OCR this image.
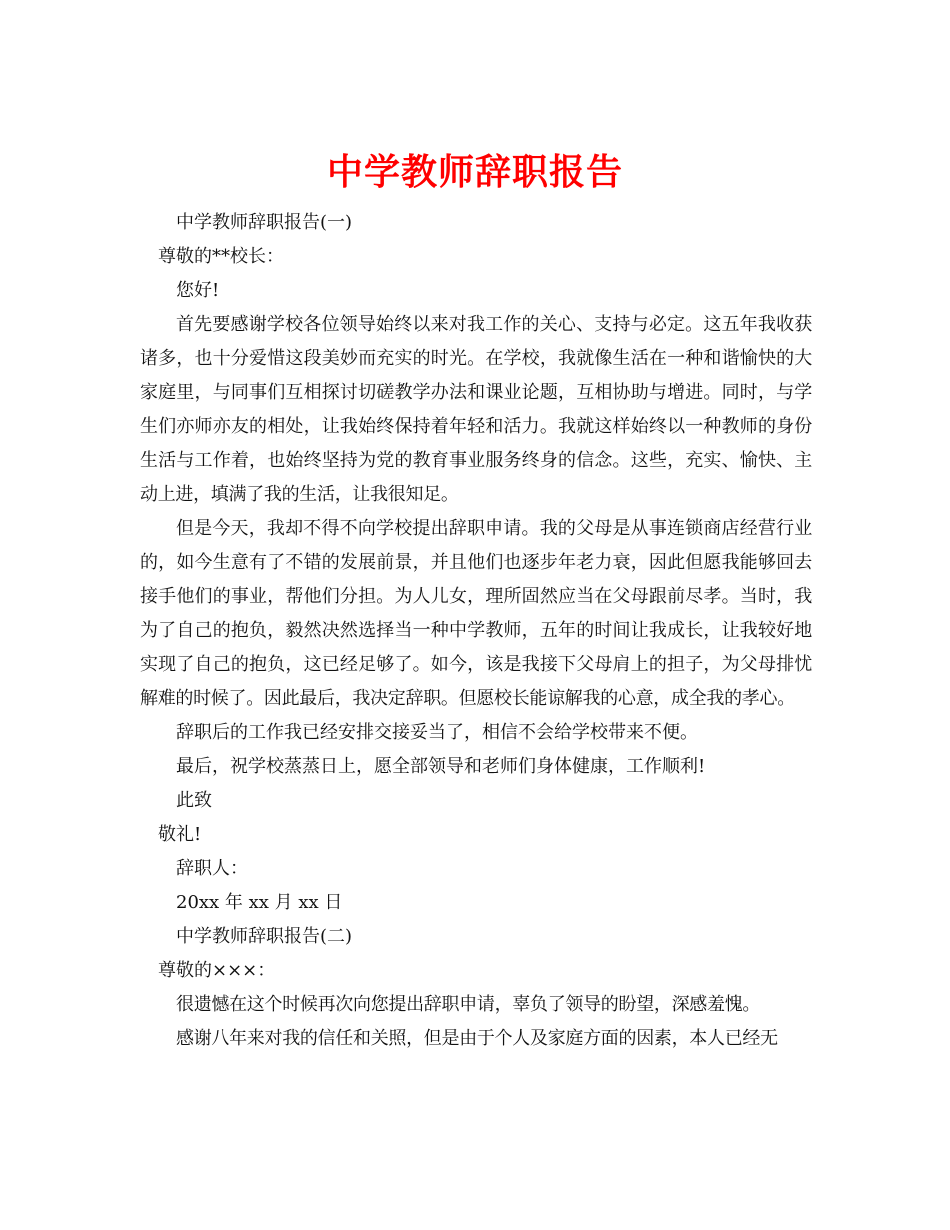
中学教师辞职报告

中学教师辞职报告(一)

尊敬的**校长：

您好!

首先要感谢学校各位领导始终以来对我工作的关心、支持与必定。这五年我收获诸多，也十分爱惜这段美妙而充实的时光。在学校，我就像生活在一种和谐愉快的大家庭里，与同事们互相探讨切磋教学办法和课业论题，互相协助与增进。同时，与学生们亦师亦友的相处，让我始终保持着年轻和活力。我就这样始终以一种教师的身份生活与工作着，也始终坚持为党的教育事业服务终身的信念。这些，充实、愉快、主动上进，填满了我的生活，让我很知足。

但是今天，我却不得不向学校提出辞职申请。我的父母是从事连锁商店经营行业的，如今生意有了不错的发展前景，并且他们也逐步年老力衰，因此但愿我能够回去接手他们的事业，帮他们分担。为人儿女，理所固然应当在父母跟前尽孝。当时，我为了自己的抱负，毅然决然选择当一种中学教师，五年的时间让我成长，让我较好地实现了自己的抱负，这已经足够了。如今，该是我接下父母肩上的担子，为父母排忧解难的时候了。因此最后，我决定辞职。但愿校长能谅解我的心意，成全我的孝心。

辞职后的工作我已经安排交接妥当了，相信不会给学校带来不便。

最后，祝学校蒸蒸日上，愿全部领导和老师们身体健康，工作顺利!

此致

敬礼!

辞职人：

20xx 年 xx 月 xx 日

中学教师辞职报告(二)

尊敬的×××：

很遗憾在这个时候再次向您提出辞职申请，辜负了领导的盼望，深感羞愧。

感谢八年来对我的信任和关照，但是由于个人及家庭方面的因素，本人已经无
